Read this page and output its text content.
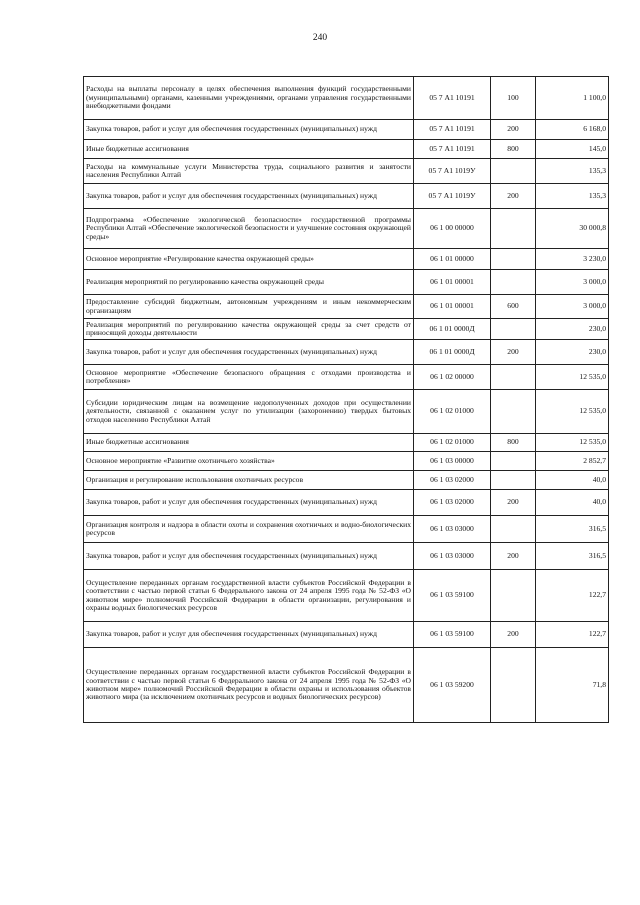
240
Расходы на выплаты персоналу в целях обеспечения выполнения функций государственными (муниципальными) органами, казенными учреждениями, органами управления государственными внебюджетными фондами	05 7 А1 10191	100	1 100,0
Закупка товаров, работ и услуг для обеспечения государственных (муниципальных) нужд	05 7 А1 10191	200	6 168,0
Иные бюджетные ассигнования	05 7 А1 10191	800	145,0
Расходы на коммунальные услуги Министерства труда, социального развития и занятости населения Республики Алтай	05 7 А1 1019У		135,3
Закупка товаров, работ и услуг для обеспечения государственных (муниципальных) нужд	05 7 А1 1019У	200	135,3
Подпрограмма «Обеспечение экологической безопасности» государственной программы Республики Алтай «Обеспечение экологической безопасности и улучшение состояния окружающей среды»	06 1 00 00000		30 000,8
Основное мероприятие «Регулирование качества окружающей среды»	06 1 01 00000		3 230,0
Реализация мероприятий по регулированию качества окружающей среды	06 1 01 00001		3 000,0
Предоставление субсидий бюджетным, автономным учреждениям и иным некоммерческим организациям	06 1 01 00001	600	3 000,0
Реализация мероприятий по регулированию качества окружающей среды за счет средств от приносящей доходы деятельности	06 1 01 0000Д		230,0
Закупка товаров, работ и услуг для обеспечения государственных (муниципальных) нужд	06 1 01 0000Д	200	230,0
Основное мероприятие «Обеспечение безопасного обращения с отходами производства и потребления»	06 1 02 00000		12 535,0
Субсидии юридическим лицам на возмещение недополученных доходов при осуществлении деятельности, связанной с оказанием услуг по утилизации (захоронению) твердых бытовых отходов населению Республики Алтай	06 1 02 01000		12 535,0
Иные бюджетные ассигнования	06 1 02 01000	800	12 535,0
Основное мероприятие «Развитие охотничьего хозяйства»	06 1 03 00000		2 852,7
Организация и регулирование использования охотничьих ресурсов	06 1 03 02000		40,0
Закупка товаров, работ и услуг для обеспечения государственных (муниципальных) нужд	06 1 03 02000	200	40,0
Организация контроля и надзора в области охоты и сохранения охотничьих и водно-биологических ресурсов	06 1 03 03000		316,5
Закупка товаров, работ и услуг для обеспечения государственных (муниципальных) нужд	06 1 03 03000	200	316,5
Осуществление переданных органам государственной власти субъектов Российской Федерации в соответствии с частью первой статьи 6 Федерального закона от 24 апреля 1995 года № 52-ФЗ «О животном мире» полномочий Российской Федерации в области организации, регулирования и охраны водных биологических ресурсов	06 1 03 59100		122,7
Закупка товаров, работ и услуг для обеспечения государственных (муниципальных) нужд	06 1 03 59100	200	122,7
Осуществление переданных органам государственной власти субъектов Российской Федерации в соответствии с частью первой статьи 6 Федерального закона от 24 апреля 1995 года № 52-ФЗ «О животном мире» полномочий Российской Федерации в области охраны и использования объектов животного мира (за исключением охотничьих ресурсов и водных биологических ресурсов)	06 1 03 59200		71,8
